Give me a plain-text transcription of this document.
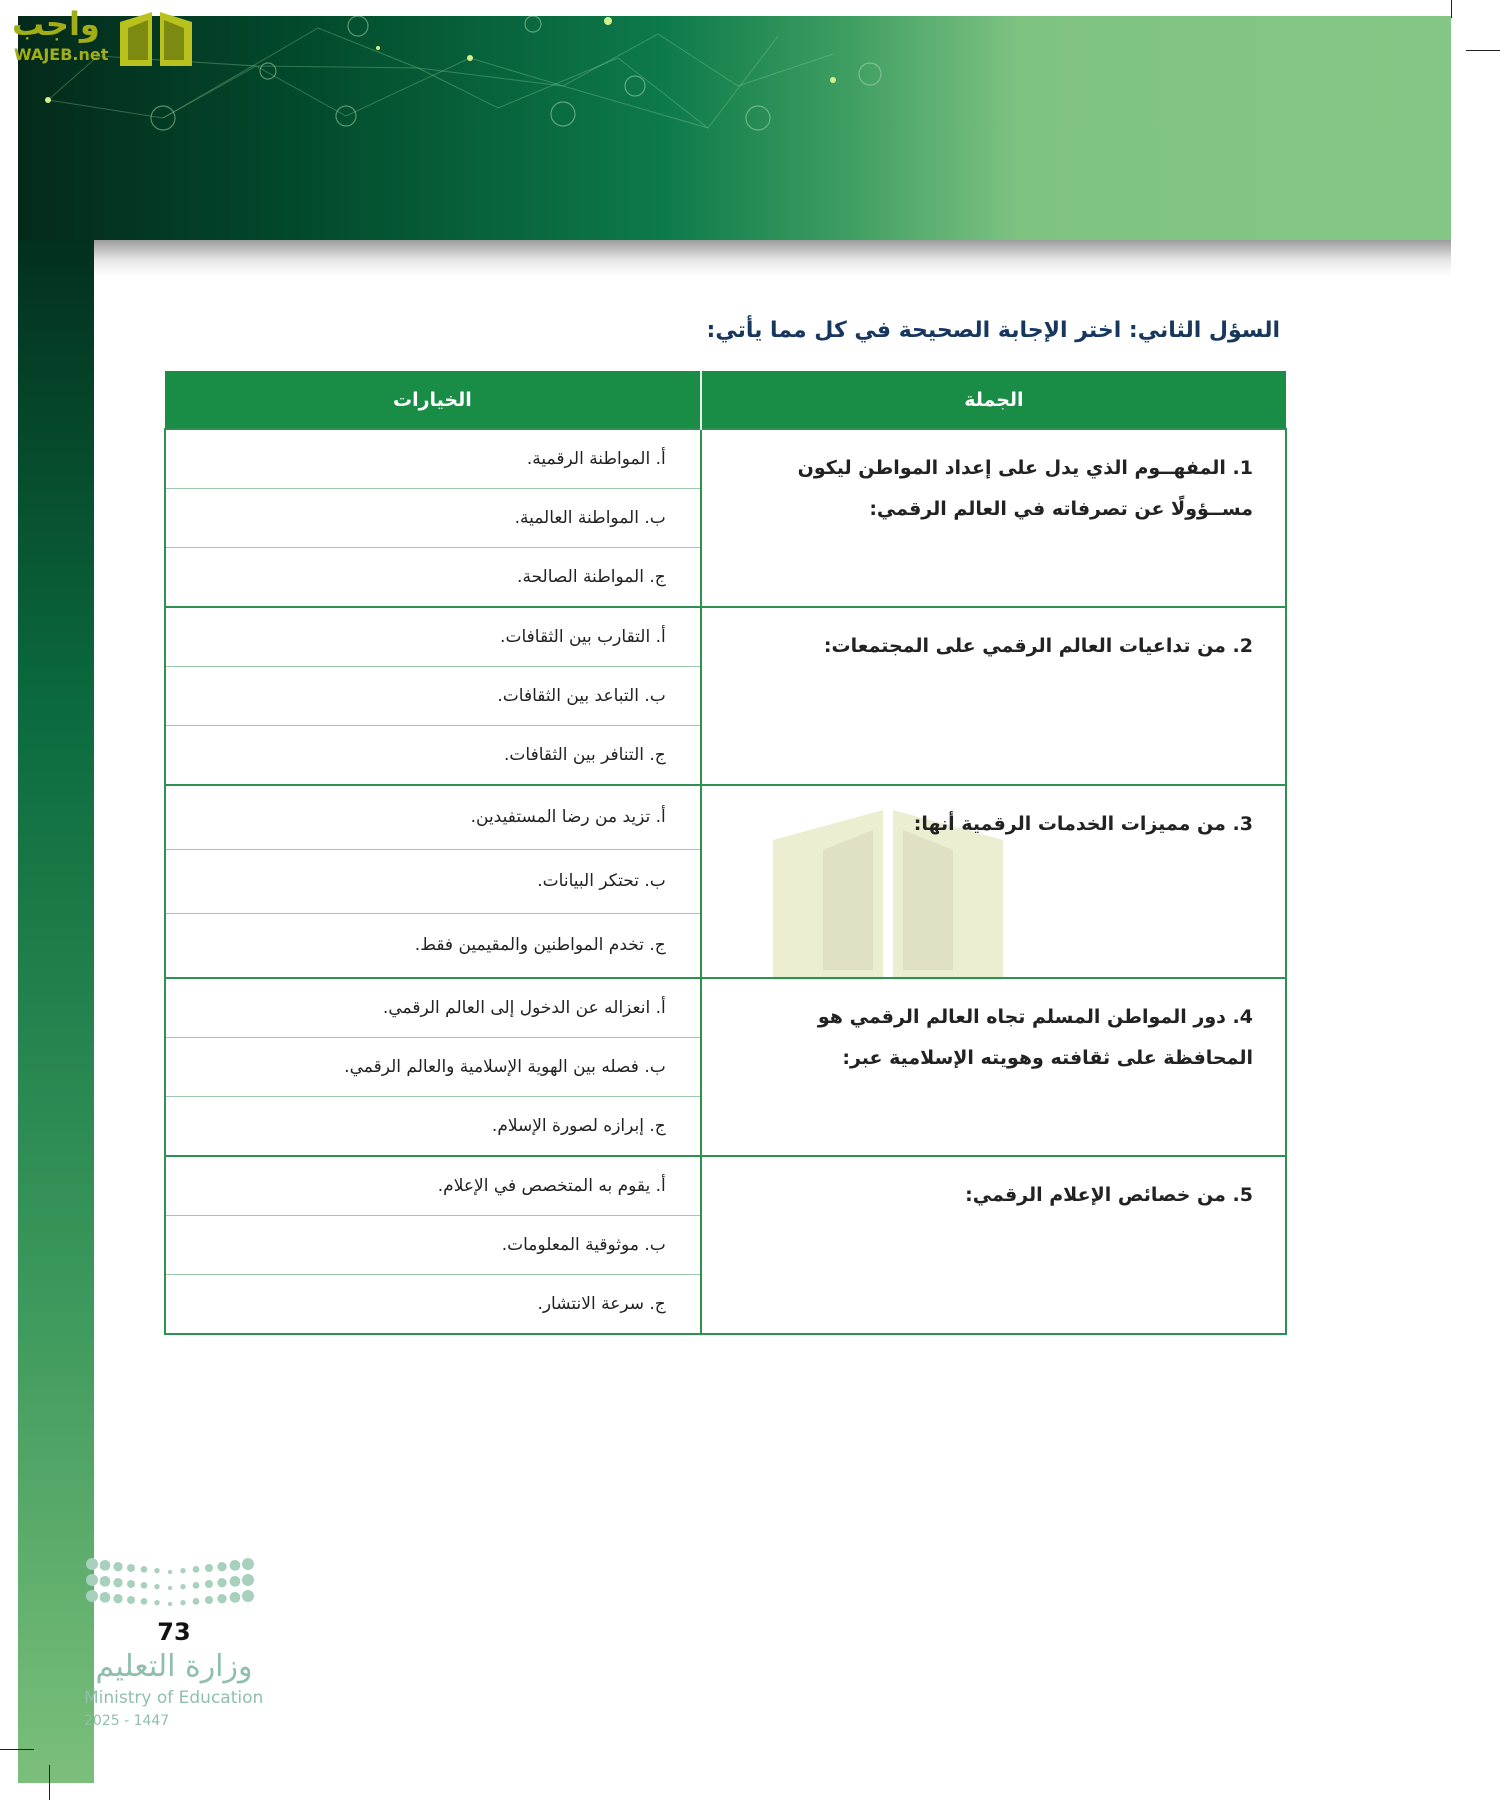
واجب
WAJEB.net
السؤل الثاني: اختر الإجابة الصحيحة في كل مما يأتي:
الجملة	الخيارات
1. المفهــوم الذي يدل على إعداد المواطن ليكون مســؤولًا عن تصرفاته في العالم الرقمي:	أ. المواطنة الرقمية.
ب. المواطنة العالمية.
ج. المواطنة الصالحة.

2. من تداعيات العالم الرقمي على المجتمعات:	أ. التقارب بين الثقافات.
ب. التباعد بين الثقافات.
ج. التنافر بين الثقافات.

3. من مميزات الخدمات الرقمية أنها:	أ. تزيد من رضا المستفيدين.
ب. تحتكر البيانات.
ج. تخدم المواطنين والمقيمين فقط.

4. دور المواطن المسلم تجاه العالم الرقمي هو المحافظة على ثقافته وهويته الإسلامية عبر:	أ. انعزاله عن الدخول إلى العالم الرقمي.
ب. فصله بين الهوية الإسلامية والعالم الرقمي.
ج. إبرازه لصورة الإسلام.

5. من خصائص الإعلام الرقمي:	أ. يقوم به المتخصص في الإعلام.
ب. موثوقية المعلومات.
ج. سرعة الانتشار.
73
وزارة التعليم
Ministry of Education
2025 - 1447
